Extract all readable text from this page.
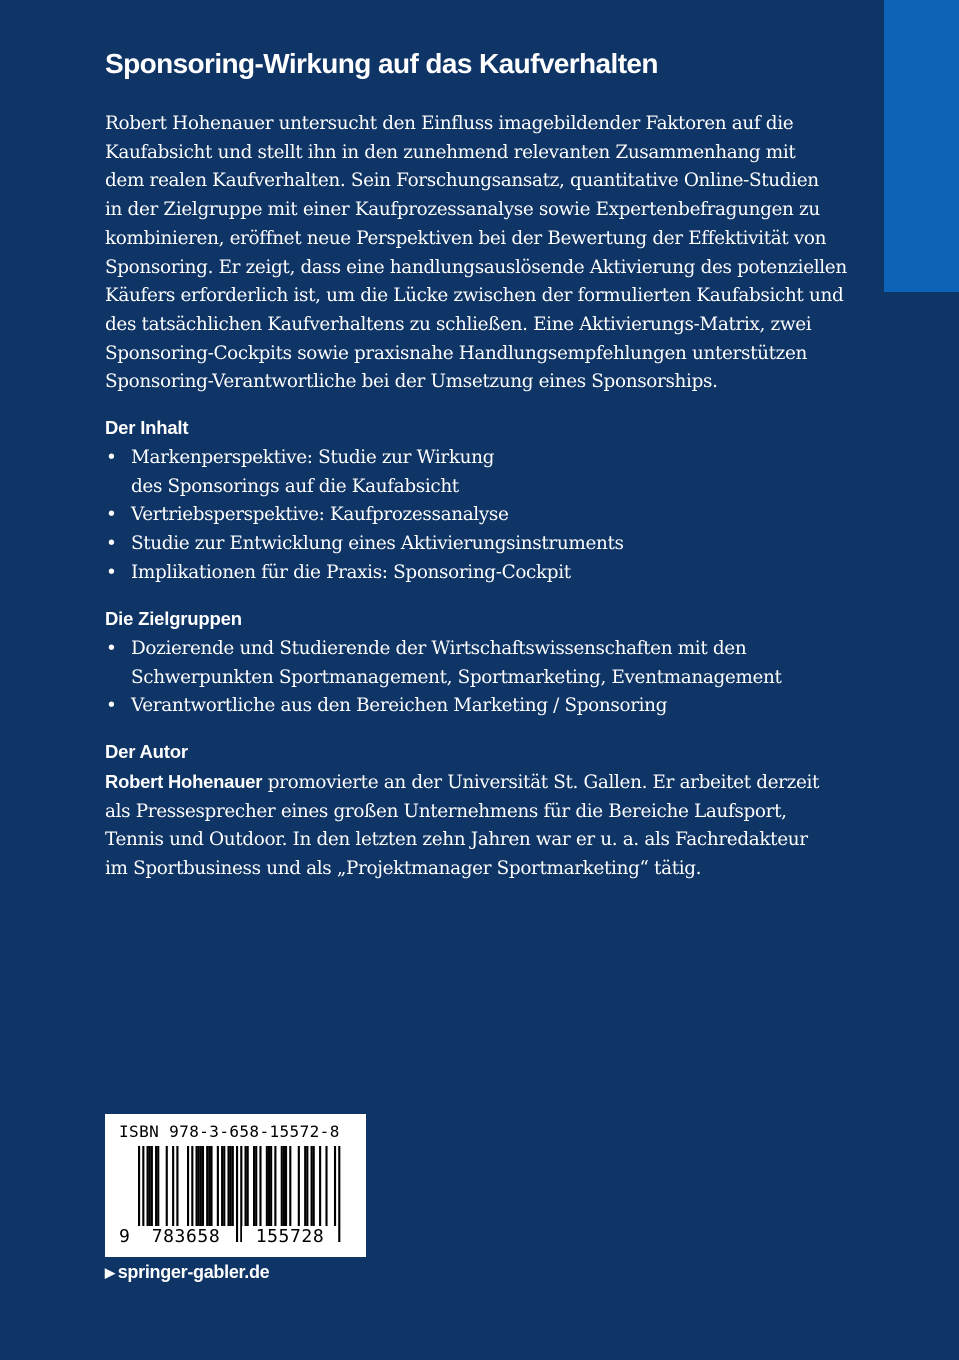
Sponsoring-Wirkung auf das Kaufverhalten

Robert Hohenauer untersucht den Einfluss imagebildender Faktoren auf die
Kaufabsicht und stellt ihn in den zunehmend relevanten Zusammenhang mit
dem realen Kaufverhalten. Sein Forschungsansatz, quantitative Online-Studien
in der Zielgruppe mit einer Kaufprozessanalyse sowie Expertenbefragungen zu
kombinieren, eröffnet neue Perspektiven bei der Bewertung der Effektivität von
Sponsoring. Er zeigt, dass eine handlungsauslösende Aktivierung des potenziellen
Käufers erforderlich ist, um die Lücke zwischen der formulierten Kaufabsicht und
des tatsächlichen Kaufverhaltens zu schließen. Eine Aktivierungs-Matrix, zwei
Sponsoring-Cockpits sowie praxisnahe Handlungsempfehlungen unterstützen
Sponsoring-Verantwortliche bei der Umsetzung eines Sponsorships.

Der Inhalt
• Markenperspektive: Studie zur Wirkung
des Sponsorings auf die Kaufabsicht
• Vertriebsperspektive: Kaufprozessanalyse
• Studie zur Entwicklung eines Aktivierungsinstruments
• Implikationen für die Praxis: Sponsoring-Cockpit
Die Zielgruppen
• Dozierende und Studierende der Wirtschaftswissenschaften mit den
Schwerpunkten Sportmanagement, Sportmarketing, Eventmanagement
• Verantwortliche aus den Bereichen Marketing / Sponsoring
Der Autor

Robert Hohenauer promovierte an der Universität St. Gallen. Er arbeitet derzeit
als Pressesprecher eines großen Unternehmens für die Bereiche Laufsport,
Tennis und Outdoor. In den letzten zehn Jahren war er u. a. als Fachredakteur
im Sportbusiness und als „Projektmanager Sportmarketing“ tätig.

ISBN 978-3-658-15572-8
9	783658	155728
▶ springer-gabler.de
